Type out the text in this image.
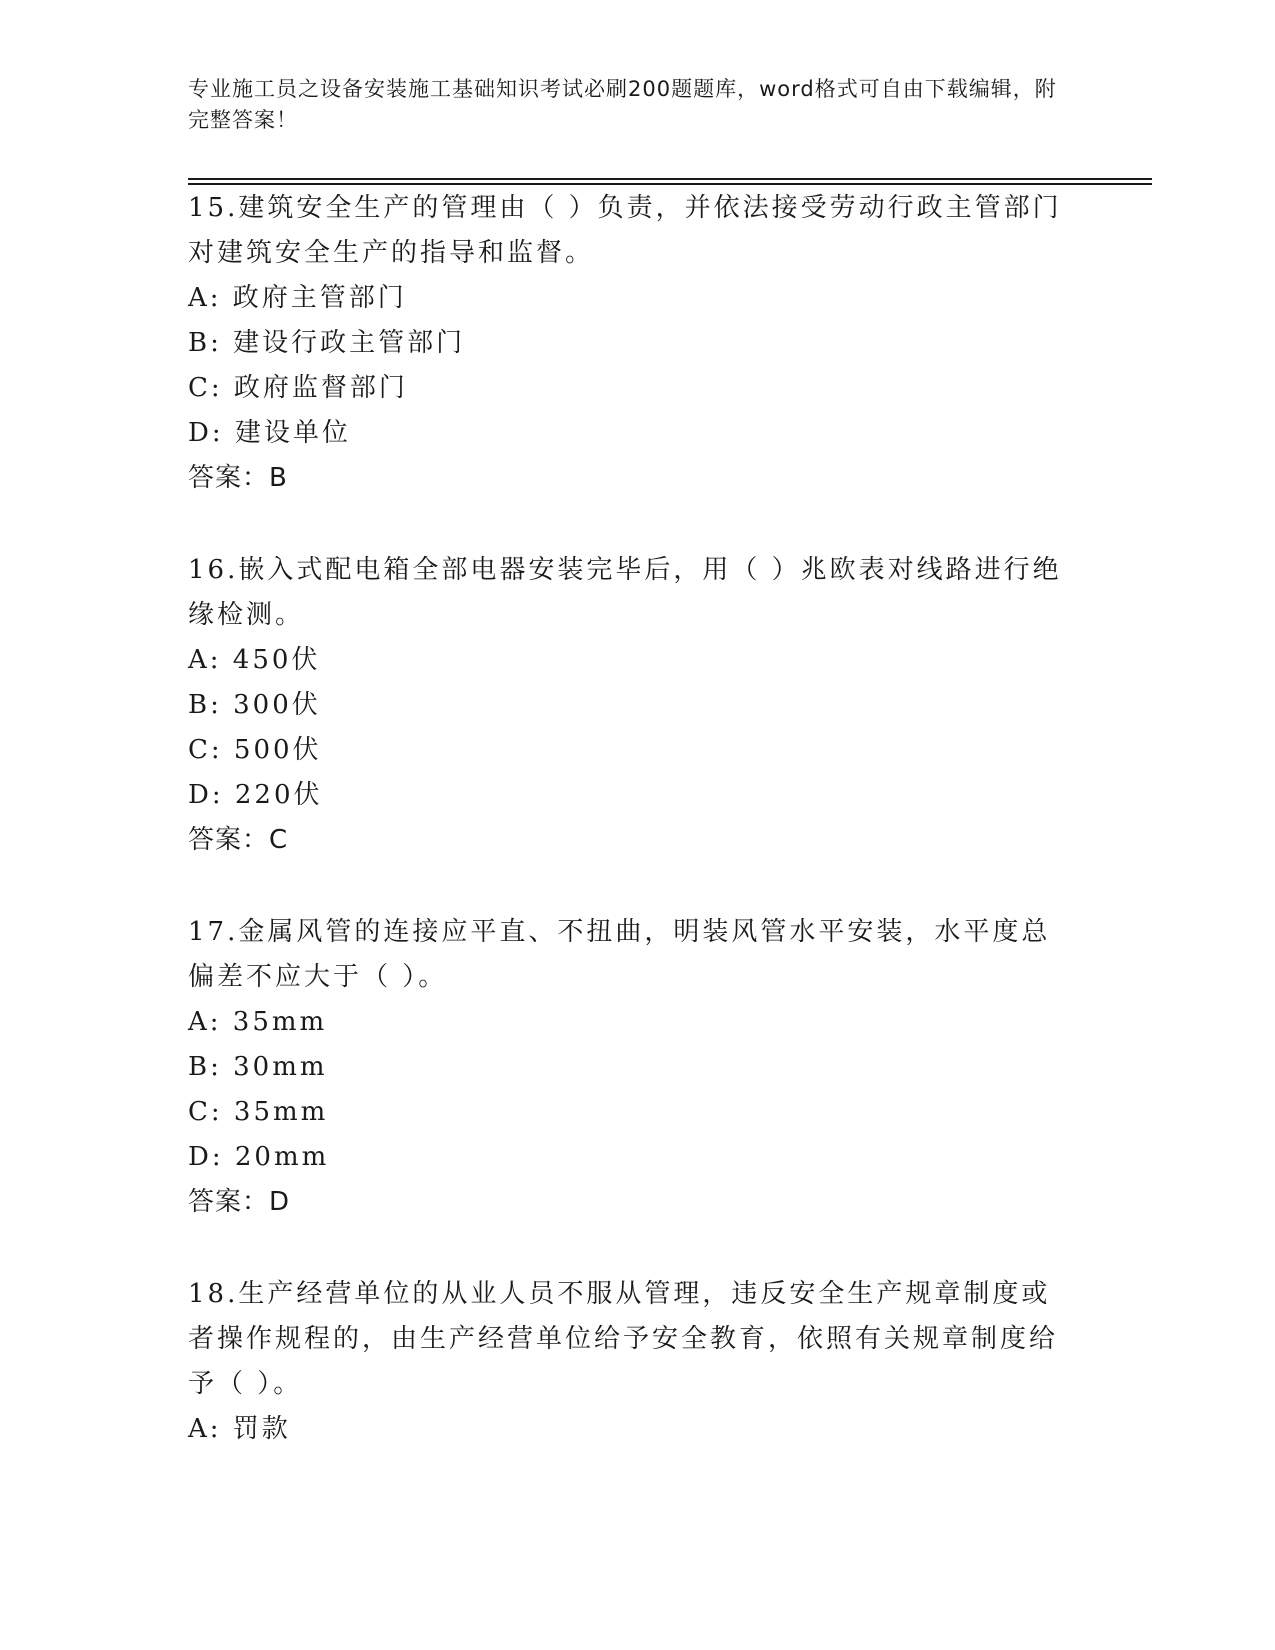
专业施工员之设备安装施工基础知识考试必刷200题题库，word格式可自由下载编辑，附完整答案！
15.建筑安全生产的管理由（ ）负责，并依法接受劳动行政主管部门对建筑安全生产的指导和监督。
A: 政府主管部门
B: 建设行政主管部门
C: 政府监督部门
D: 建设单位
答案：B
16.嵌入式配电箱全部电器安装完毕后，用（ ）兆欧表对线路进行绝缘检测。
A: 450伏
B: 300伏
C: 500伏
D: 220伏
答案：C
17.金属风管的连接应平直、不扭曲，明装风管水平安装，水平度总偏差不应大于（ ）。
A: 35mm
B: 30mm
C: 35mm
D: 20mm
答案：D
18.生产经营单位的从业人员不服从管理，违反安全生产规章制度或者操作规程的，由生产经营单位给予安全教育，依照有关规章制度给予（ ）。
A: 罚款
